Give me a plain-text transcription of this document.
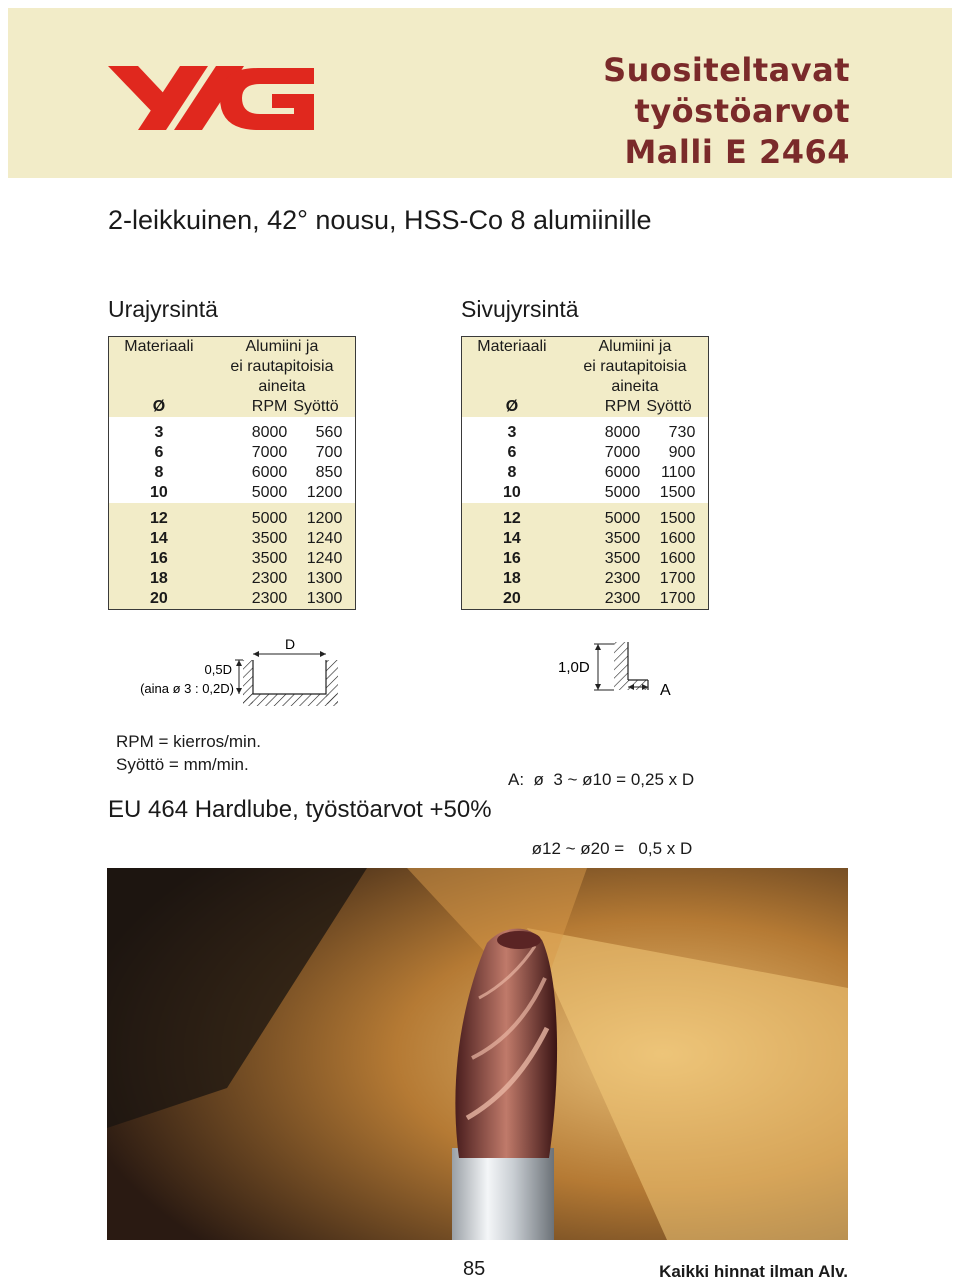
Suositeltavat
työstöarvot
Malli E 2464
2-leikkuinen, 42° nousu, HSS-Co 8 alumiinille
Urajyrsintä	Sivujyrsintä
Materiaali	Alumiini ja
ei rautapitoisia
aineita		
Ø	RPM	Syöttö	

3	8000	560	
6	7000	700	
8	6000	850	
10	5000	1200	

12	5000	1200	
14	3500	1240	
16	3500	1240	
18	2300	1300	
20	2300	1300	
Materiaali	Alumiini ja
ei rautapitoisia
aineita		
Ø	RPM	Syöttö	

3	8000	730	
6	7000	900	
8	6000	1100	
10	5000	1500	

12	5000	1500	
14	3500	1600	
16	3500	1600	
18	2300	1700	
20	2300	1700	
D
0,5D
(aina ø 3 : 0,2D)
1,0D
A
RPM = kierros/min.
Syöttö = mm/min.

A:  ø  3 ~ ø10 = 0,25 x D

ø12 ~ ø20 =   0,5 x D

EU 464 Hardlube, työstöarvot +50%
85	Kaikki hinnat ilman Alv.
